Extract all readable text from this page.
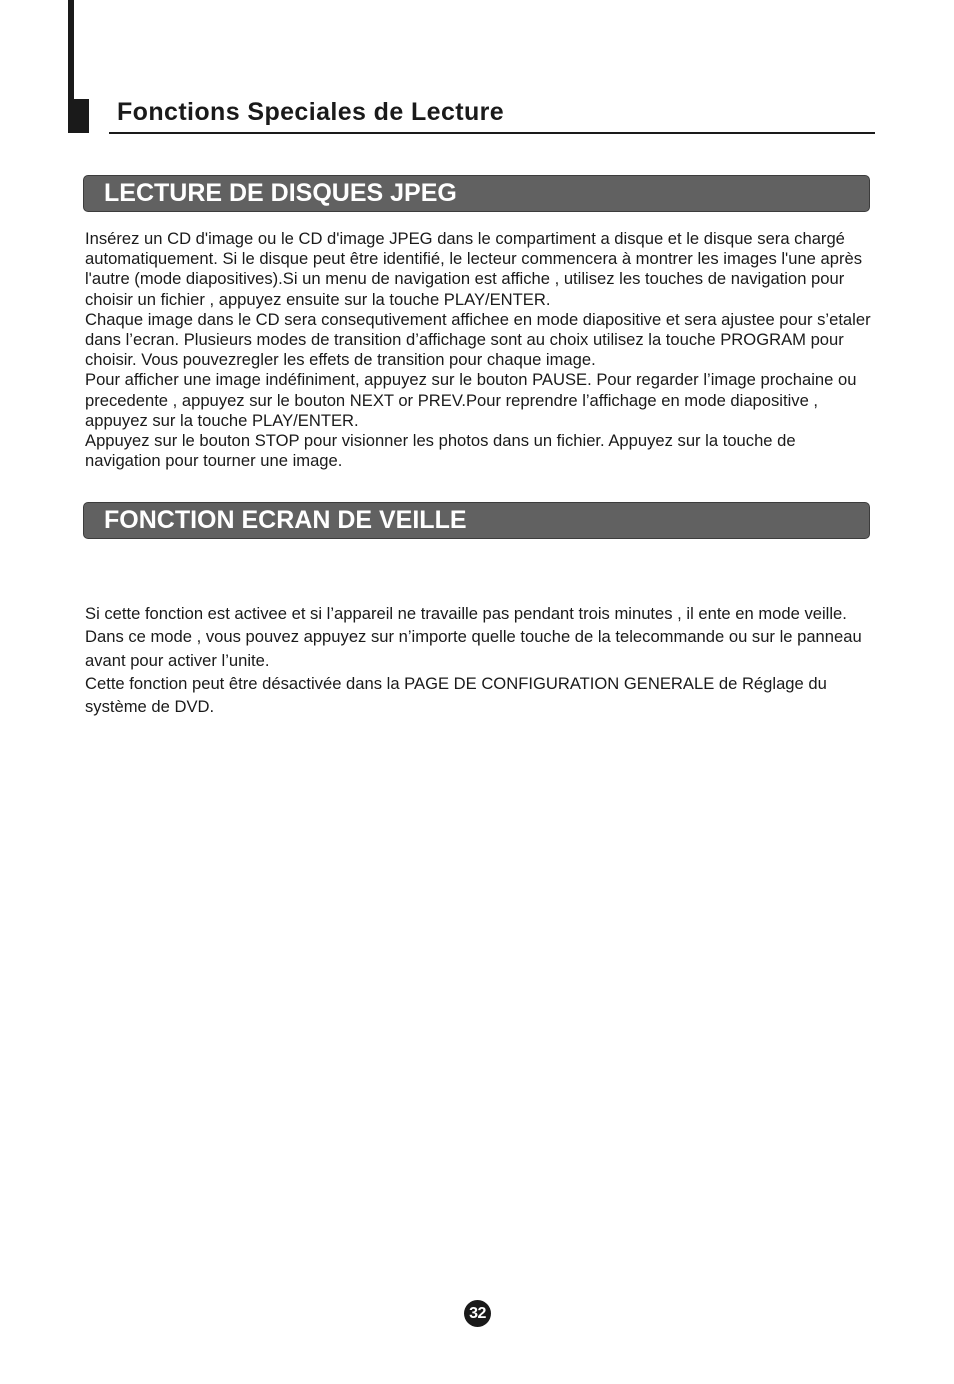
Fonctions Speciales de Lecture
LECTURE DE DISQUES JPEG

Insérez un CD d'image ou le CD d'image JPEG dans le compartiment a disque et le disque sera chargé automatiquement. Si le disque peut être identifié, le lecteur commencera à montrer les images l'une après l'autre (mode diapositives).Si un menu de navigation est affiche , utilisez les touches de navigation pour choisir un fichier , appuyez ensuite sur la touche PLAY/ENTER.

Chaque image dans le CD sera consequtivement affichee en mode diapositive et sera ajustee pour s’etaler dans l’ecran. Plusieurs modes de transition d’affichage sont au choix utilisez la touche PROGRAM pour choisir. Vous pouvezregler les effets de transition pour chaque image.

Pour afficher une image indéfiniment, appuyez sur le bouton PAUSE. Pour regarder l’image prochaine ou precedente , appuyez sur le bouton NEXT or PREV.Pour reprendre l’affichage en mode diapositive , appuyez sur la touche PLAY/ENTER.

Appuyez sur le bouton STOP pour visionner les photos dans un fichier. Appuyez sur la touche de navigation pour tourner une image.

FONCTION ECRAN DE VEILLE

Si cette fonction est activee et si l’appareil ne travaille pas pendant trois minutes , il ente en mode veille. Dans ce mode , vous pouvez appuyez sur n’importe quelle touche de la telecommande ou sur le panneau avant pour activer l’unite.

Cette fonction peut être désactivée dans la PAGE DE CONFIGURATION GENERALE de Réglage du système de DVD.

32
